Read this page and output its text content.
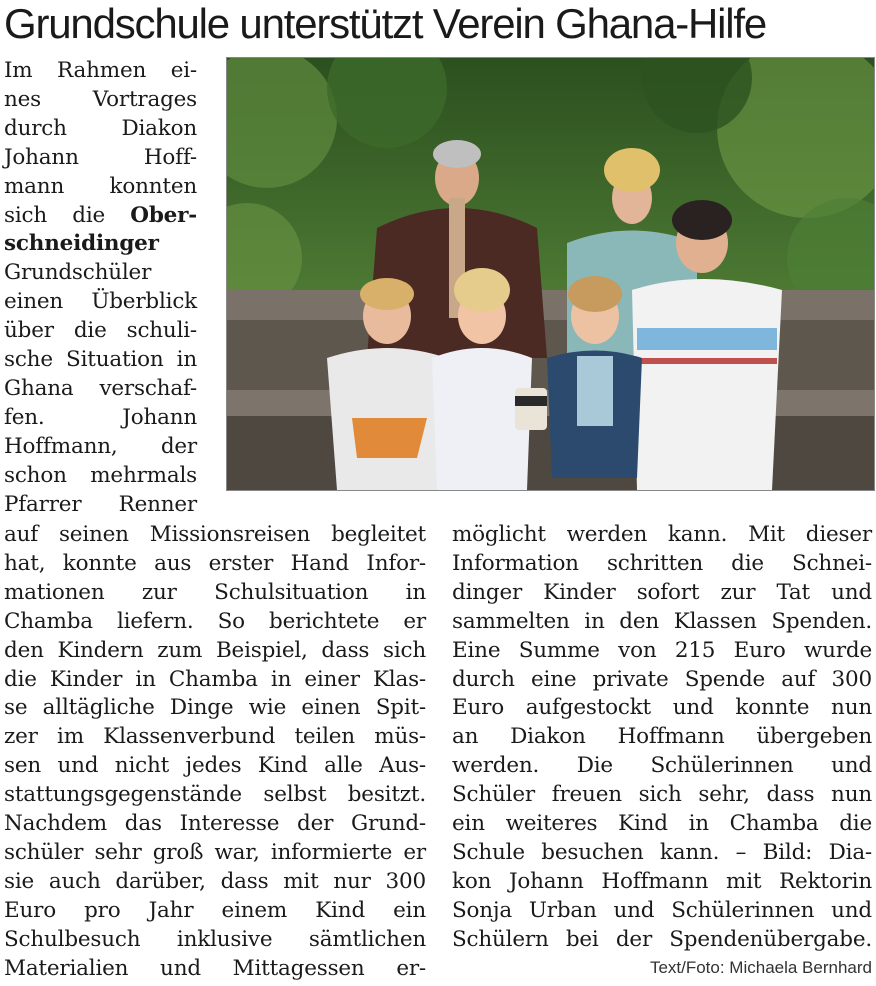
Grundschule unterstützt Verein Ghana-Hilfe
Im Rahmen ei-
nes Vortrages
durch Diakon
Johann Hoff-
mann konnten
sich die Ober-
schneidinger
Grundschüler
einen Überblick
über die schuli-
sche Situation in
Ghana verschaf-
fen. Johann
Hoffmann, der
schon mehrmals
Pfarrer Renner
auf seinen Missionsreisen begleitet
hat, konnte aus erster Hand Infor-
mationen zur Schulsituation in
Chamba liefern. So berichtete er
den Kindern zum Beispiel, dass sich
die Kinder in Chamba in einer Klas-
se alltägliche Dinge wie einen Spit-
zer im Klassenverbund teilen müs-
sen und nicht jedes Kind alle Aus-
stattungsgegenstände selbst besitzt.
Nachdem das Interesse der Grund-
schüler sehr groß war, informierte er
sie auch darüber, dass mit nur 300
Euro pro Jahr einem Kind ein
Schulbesuch inklusive sämtlichen
Materialien und Mittagessen er-
möglicht werden kann. Mit dieser
Information schritten die Schnei-
dinger Kinder sofort zur Tat und
sammelten in den Klassen Spenden.
Eine Summe von 215 Euro wurde
durch eine private Spende auf 300
Euro aufgestockt und konnte nun
an Diakon Hoffmann übergeben
werden. Die Schülerinnen und
Schüler freuen sich sehr, dass nun
ein weiteres Kind in Chamba die
Schule besuchen kann. – Bild: Dia-
kon Johann Hoffmann mit Rektorin
Sonja Urban und Schülerinnen und
Schülern bei der Spendenübergabe.
Text/Foto: Michaela Bernhard
